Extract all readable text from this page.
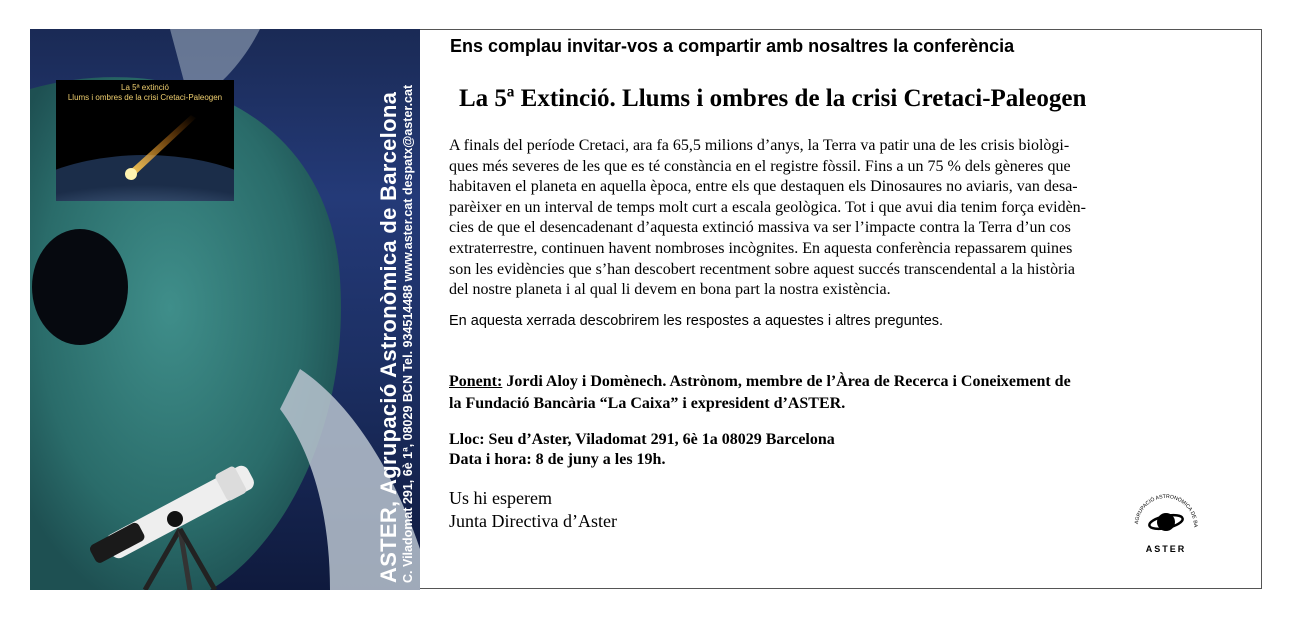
La 5ª extinció
Llums i ombres de la crisi Cretaci-Paleogen	ASTER, Agrupació Astronòmica de Barcelona C. Viladomat 291, 6è 1ª, 08029 BCN Tel. 934514488 www.aster.cat despatx@aster.cat
Ens complau invitar-vos a compartir amb nosaltres la conferència
La 5ª Extinció. Llums i ombres de la crisi Cretaci-Paleogen
A finals del període Cretaci, ara fa 65,5 milions d’anys, la Terra va patir una de les crisis biològi-
ques més severes de les que es té constància en el registre fòssil. Fins a un 75 % dels gèneres que
habitaven el planeta en aquella època, entre els que destaquen els Dinosaures no aviaris, van desa-
parèixer en un interval de temps molt curt a escala geològica. Tot i que avui dia tenim força evidèn-
cies de que el desencadenant d’aquesta extinció massiva va ser l’impacte contra la Terra d’un cos
extraterrestre, continuen havent nombroses incògnites. En aquesta conferència repassarem quines
son les evidències que s’han descobert recentment sobre aquest succés transcendental a la història
del nostre planeta i al qual li devem en bona part la nostra existència.
En aquesta xerrada descobrirem les respostes a aquestes i altres preguntes.
Ponent: Jordi Aloy i Domènech. Astrònom, membre de l’Àrea de Recerca i Coneixement de
la Fundació Bancària “La Caixa” i expresident d’ASTER.
Lloc: Seu d’Aster, Viladomat 291, 6è 1a 08029 Barcelona
Data i hora: 8 de juny a les 19h.
Us hi esperem
Junta Directiva d’Aster	AGRUPACIÓ ASTRONÒMICA DE BA
ASTER
